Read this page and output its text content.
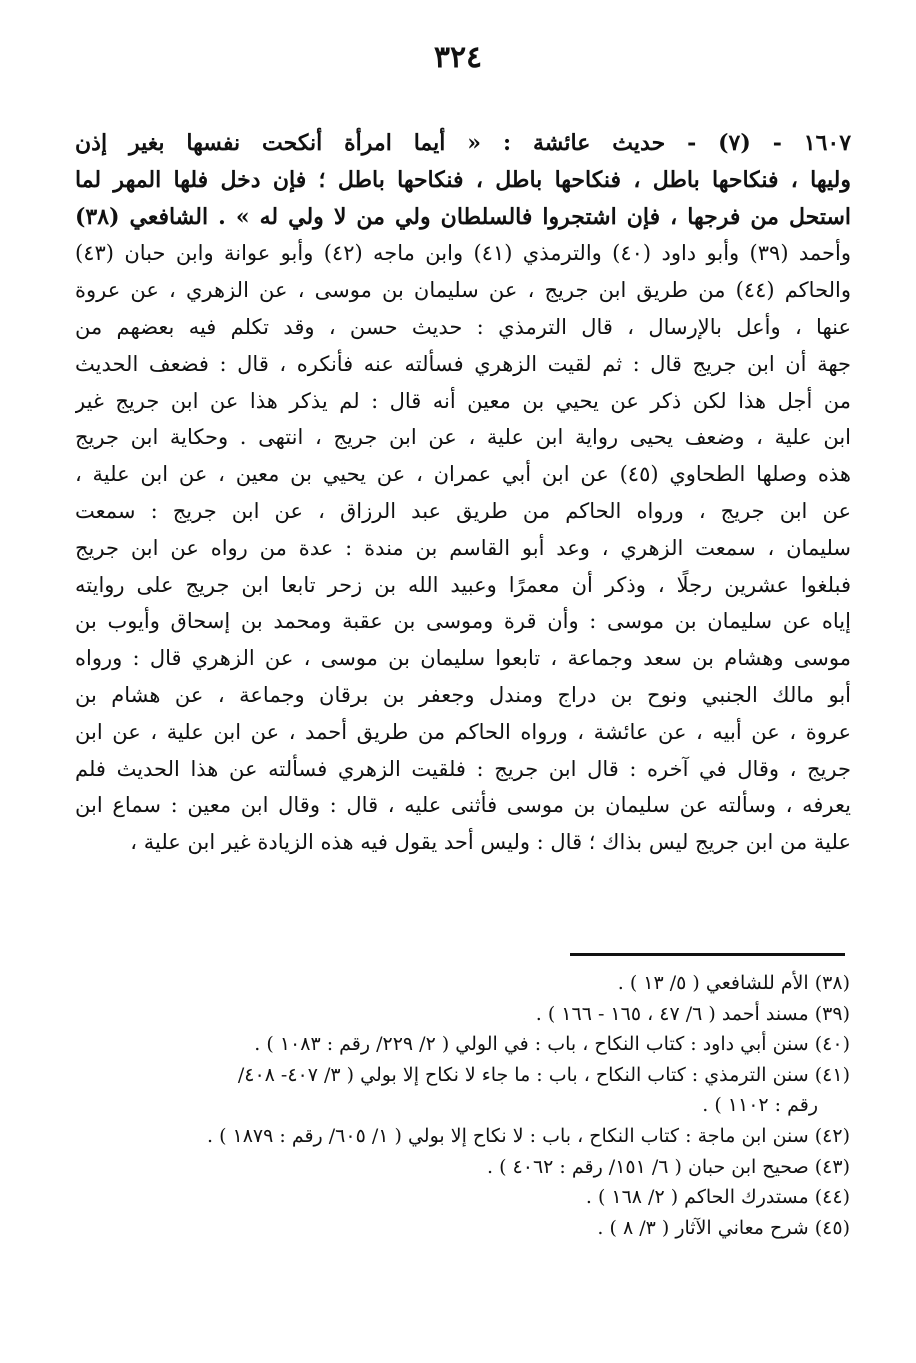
٣٢٤
١٦٠٧ - (٧) - حديث عائشة : « أيما امرأة أنكحت نفسها بغير إذن
وليها ، فنكاحها باطل ، فنكاحها باطل ، فنكاحها باطل ؛ فإن دخل فلها المهر لما
استحل من فرجها ، فإن اشتجروا فالسلطان ولي من لا ولي له » . الشافعي (٣٨)
وأحمد (٣٩) وأبو داود (٤٠) والترمذي (٤١) وابن ماجه (٤٢) وأبو عوانة وابن حبان (٤٣)
والحاكم (٤٤) من طريق ابن جريج ، عن سليمان بن موسى ، عن الزهري ، عن عروة
عنها ، وأعل بالإرسال ، قال الترمذي : حديث حسن ، وقد تكلم فيه بعضهم من
جهة أن ابن جريج قال : ثم لقيت الزهري فسألته عنه فأنكره ، قال : فضعف الحديث
من أجل هذا لكن ذكر عن يحيي بن معين أنه قال : لم يذكر هذا عن ابن جريج غير
ابن علية ، وضعف يحيى رواية ابن علية ، عن ابن جريج ، انتهى . وحكاية ابن جريج
هذه وصلها الطحاوي (٤٥) عن ابن أبي عمران ، عن يحيي بن معين ، عن ابن علية ،
عن ابن جريج ، ورواه الحاكم من طريق عبد الرزاق ، عن ابن جريج : سمعت
سليمان ، سمعت الزهري ، وعد أبو القاسم بن مندة : عدة من رواه عن ابن جريج
فبلغوا عشرين رجلًا ، وذكر أن معمرًا وعبيد الله بن زحر تابعا ابن جريج على روايته
إياه عن سليمان بن موسى : وأن قرة وموسى بن عقبة ومحمد بن إسحاق وأيوب بن
موسى وهشام بن سعد وجماعة ، تابعوا سليمان بن موسى ، عن الزهري قال : ورواه
أبو مالك الجنبي ونوح بن دراج ومندل وجعفر بن برقان وجماعة ، عن هشام بن
عروة ، عن أبيه ، عن عائشة ، ورواه الحاكم من طريق أحمد ، عن ابن علية ، عن ابن
جريج ، وقال في آخره : قال ابن جريج : فلقيت الزهري فسألته عن هذا الحديث فلم
يعرفه ، وسألته عن سليمان بن موسى فأثنى عليه ، قال : وقال ابن معين : سماع ابن
علية من ابن جريج ليس بذاك ؛ قال : وليس أحد يقول فيه هذه الزيادة غير ابن علية ،
(٣٨) الأم للشافعي ( ٥/ ١٣ ) .
(٣٩) مسند أحمد ( ٦/ ٤٧ ، ١٦٥ - ١٦٦ ) .
(٤٠) سنن أبي داود : كتاب النكاح ، باب : في الولي ( ٢/ ٢٢٩/ رقم : ١٠٨٣ ) .
(٤١) سنن الترمذي : كتاب النكاح ، باب : ما جاء لا نكاح إلا بولي ( ٣/ ٤٠٧- ٤٠٨/
رقم : ١١٠٢ ) .
(٤٢) سنن ابن ماجة : كتاب النكاح ، باب : لا نكاح إلا بولي ( ١/ ٦٠٥/ رقم : ١٨٧٩ ) .
(٤٣) صحيح ابن حبان ( ٦/ ١٥١/ رقم : ٤٠٦٢ ) .
(٤٤) مستدرك الحاكم ( ٢/ ١٦٨ ) .
(٤٥) شرح معاني الآثار ( ٣/ ٨ ) .
